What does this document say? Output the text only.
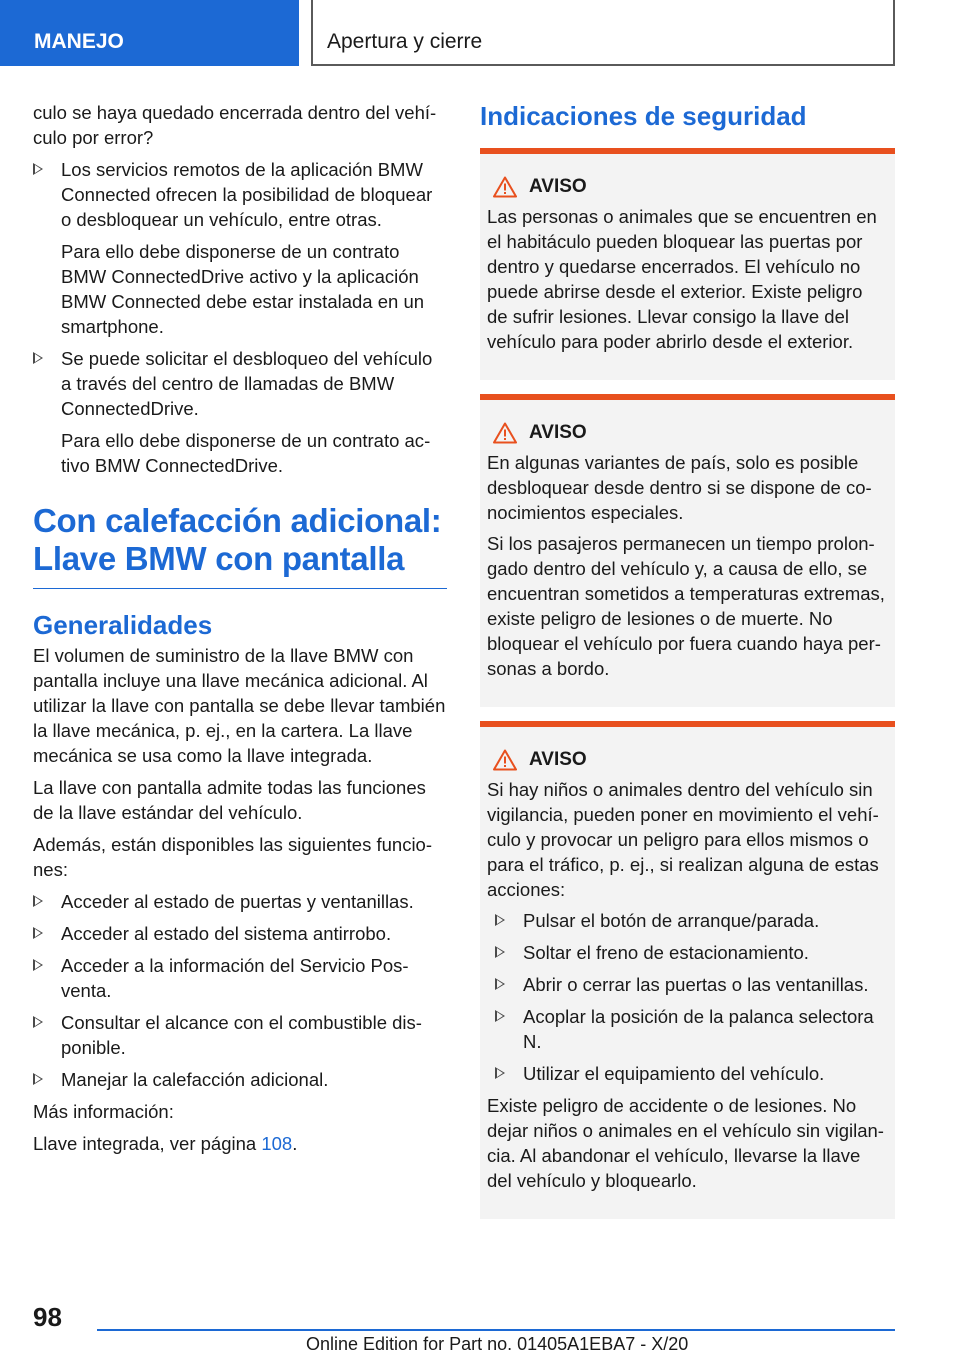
MANEJO	Apertura y cierre

culo se haya quedado encerrada dentro del vehículo por error?

Los servicios remotos de la aplicación BMW Connected ofrecen la posibilidad de bloquear o desbloquear un vehículo, entre otras.

Para ello debe disponerse de un contrato BMW ConnectedDrive activo y la aplicación BMW Connected debe estar instalada en un smartphone.

Se puede solicitar el desbloqueo del vehículo a través del centro de llamadas de BMW ConnectedDrive.

Para ello debe disponerse de un contrato activo BMW ConnectedDrive.

Con calefacción adicional: Llave BMW con pantalla
Generalidades

El volumen de suministro de la llave BMW con pantalla incluye una llave mecánica adicional. Al utilizar la llave con pantalla se debe llevar también la llave mecánica, p. ej., en la cartera. La llave mecánica se usa como la llave integrada.

La llave con pantalla admite todas las funciones de la llave estándar del vehículo.

Además, están disponibles las siguientes funciones:

Acceder al estado de puertas y ventanillas.
Acceder al estado del sistema antirrobo.
Acceder a la información del Servicio Posventa.
Consultar el alcance con el combustible disponible.
Manejar la calefacción adicional.

Más información:

Llave integrada, ver página 108.

Indicaciones de seguridad
AVISO

Las personas o animales que se encuentren en el habitáculo pueden bloquear las puertas por dentro y quedarse encerrados. El vehículo no puede abrirse desde el exterior. Existe peligro de sufrir lesiones. Llevar consigo la llave del vehículo para poder abrirlo desde el exterior.

AVISO

En algunas variantes de país, solo es posible desbloquear desde dentro si se dispone de conocimientos especiales.

Si los pasajeros permanecen un tiempo prolongado dentro del vehículo y, a causa de ello, se encuentran sometidos a temperaturas extremas, existe peligro de lesiones o de muerte. No bloquear el vehículo por fuera cuando haya personas a bordo.

AVISO

Si hay niños o animales dentro del vehículo sin vigilancia, pueden poner en movimiento el vehículo y provocar un peligro para ellos mismos o para el tráfico, p. ej., si realizan alguna de estas acciones:

Pulsar el botón de arranque/parada.
Soltar el freno de estacionamiento.
Abrir o cerrar las puertas o las ventanillas.
Acoplar la posición de la palanca selectora N.
Utilizar el equipamiento del vehículo.

Existe peligro de accidente o de lesiones. No dejar niños o animales en el vehículo sin vigilancia. Al abandonar el vehículo, llevarse la llave del vehículo y bloquearlo.

98
Online Edition for Part no. 01405A1EBA7 - X/20
